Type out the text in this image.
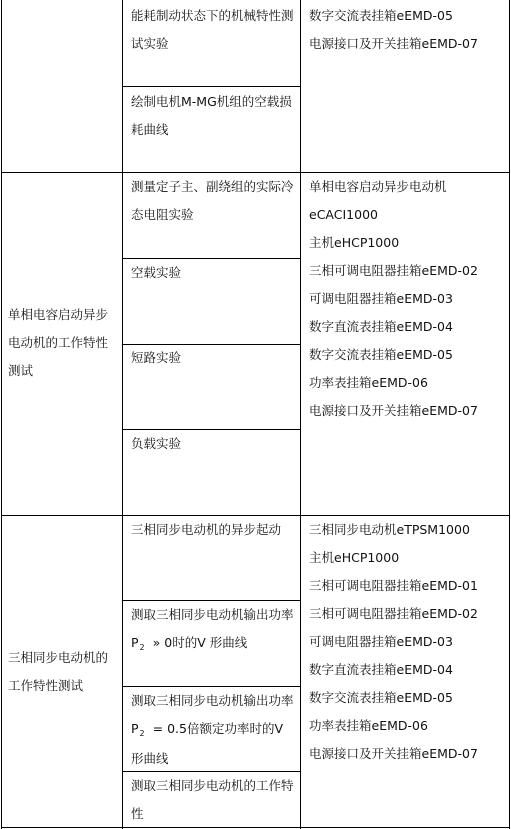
能耗制动状态下的机械特性测
试实验
绘制电机M-MG机组的空载损
耗曲线
数字交流表挂箱eEMD-05
电源接口及开关挂箱eEMD-07
单相电容启动异步
电动机的工作特性
测试
测量定子主、副绕组的实际冷
态电阻实验
空载实验
短路实验
负载实验
单相电容启动异步电动机
eCACI1000
主机eHCP1000
三相可调电阻器挂箱eEMD-02
可调电阻器挂箱eEMD-03
数字直流表挂箱eEMD-04
数字交流表挂箱eEMD-05
功率表挂箱eEMD-06
电源接口及开关挂箱eEMD-07
三相同步电动机的
工作特性测试
三相同步电动机的异步起动
测取三相同步电动机输出功率
$P_2$ » 0时的V 形曲线
测取三相同步电动机输出功率
$P_2 = 0.5$倍额定功率时的V
形曲线
测取三相同步电动机的工作特
性
三相同步电动机eTPSM1000
主机eHCP1000
三相可调电阻器挂箱eEMD-01
三相可调电阻器挂箱eEMD-02
可调电阻器挂箱eEMD-03
数字直流表挂箱eEMD-04
数字交流表挂箱eEMD-05
功率表挂箱eEMD-06
电源接口及开关挂箱eEMD-07
